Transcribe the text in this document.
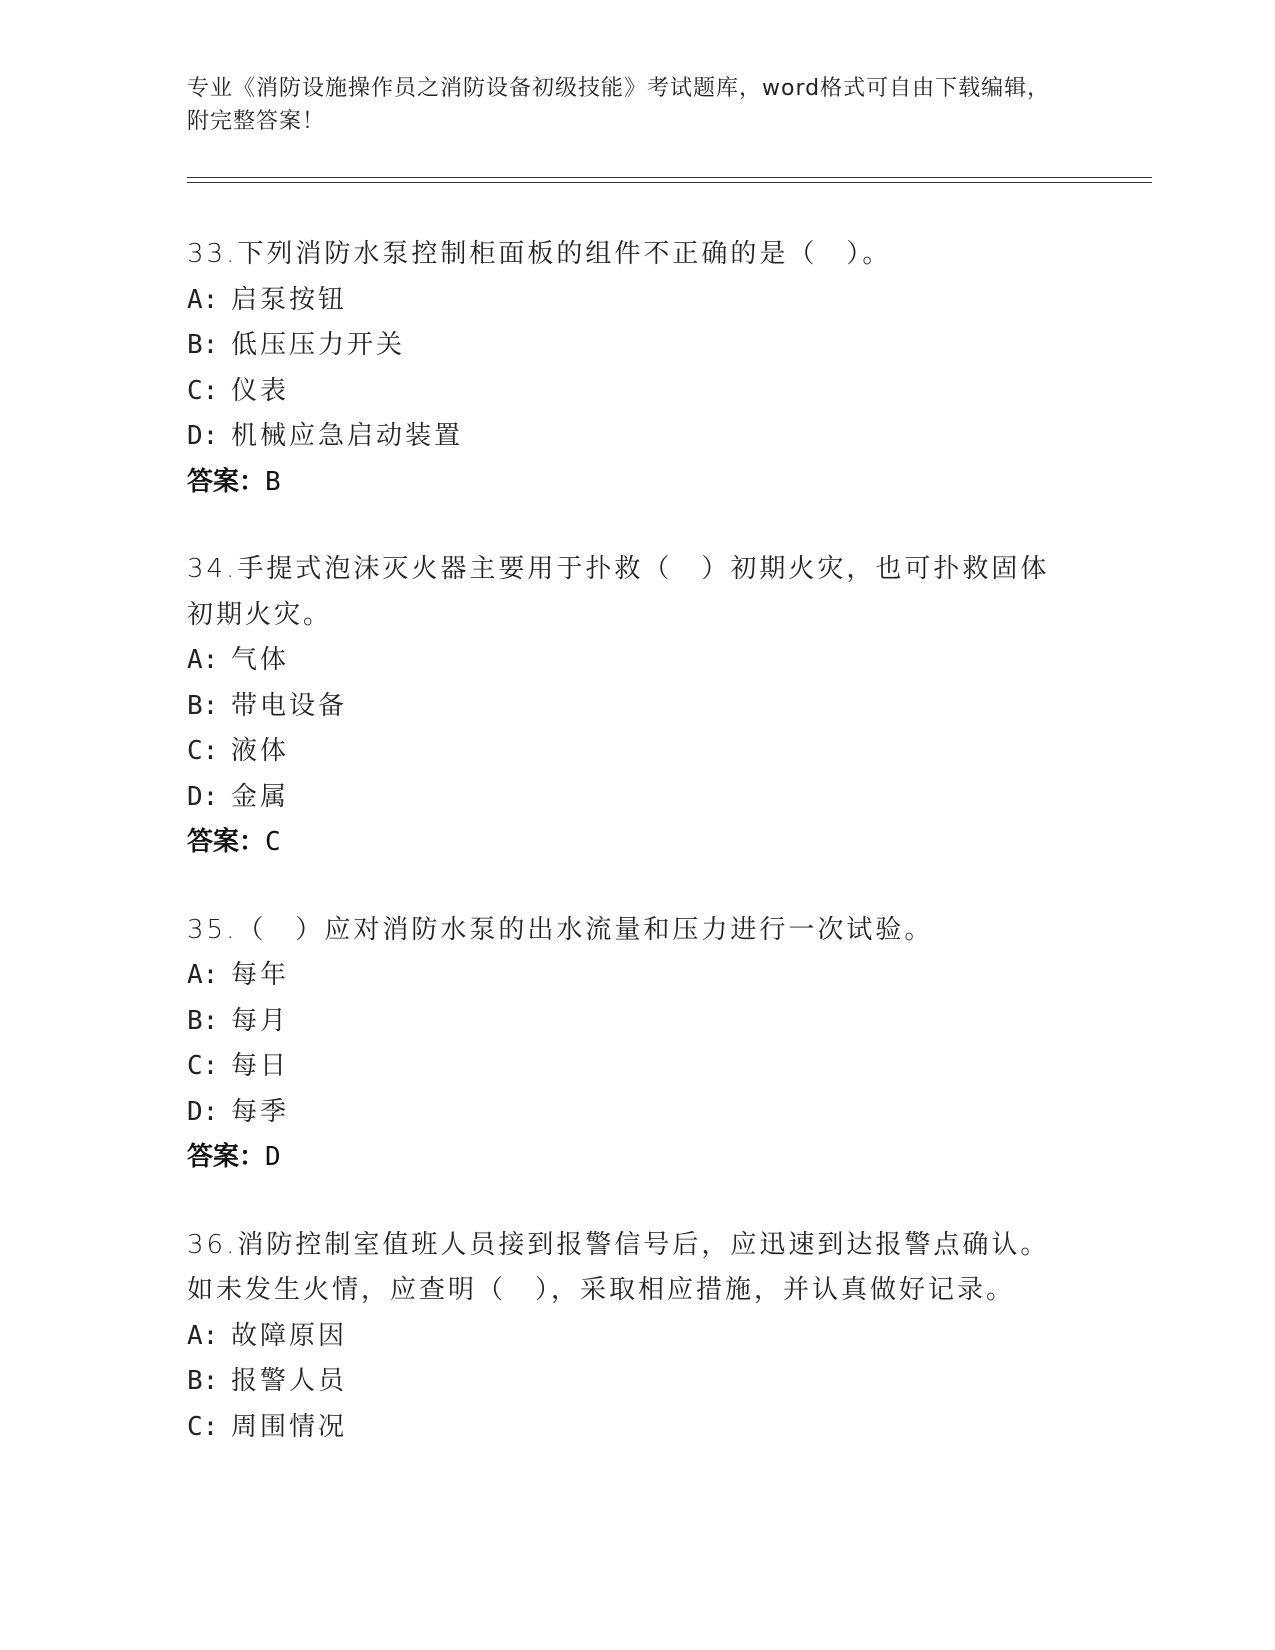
专业《消防设施操作员之消防设备初级技能》考试题库，word格式可自由下载编辑，附完整答案！
33.下列消防水泵控制柜面板的组件不正确的是（　）。
A: 启泵按钮
B: 低压压力开关
C: 仪表
D: 机械应急启动装置
答案：B
34.手提式泡沫灭火器主要用于扑救（　）初期火灾，也可扑救固体初期火灾。
A: 气体
B: 带电设备
C: 液体
D: 金属
答案：C
35.（　）应对消防水泵的出水流量和压力进行一次试验。
A: 每年
B: 每月
C: 每日
D: 每季
答案：D
36.消防控制室值班人员接到报警信号后，应迅速到达报警点确认。如未发生火情，应查明（　），采取相应措施，并认真做好记录。
A: 故障原因
B: 报警人员
C: 周围情况
